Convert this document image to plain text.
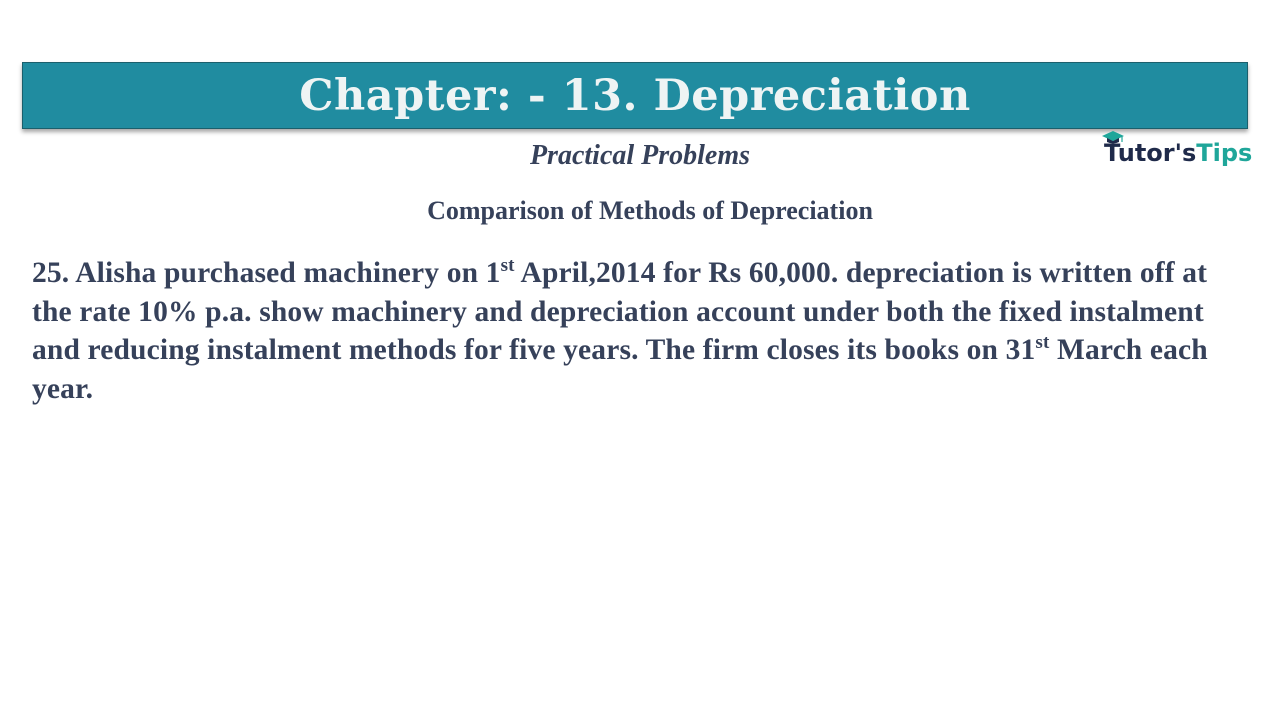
Chapter: - 13. Depreciation
Tutor'sTips
Practical Problems
Comparison of Methods of Depreciation
25. Alisha purchased machinery on 1st April,2014 for Rs 60,000. depreciation is written off at the rate 10% p.a. show machinery and depreciation account under both the fixed instalment and reducing instalment methods for five years. The firm closes its books on 31st March each year.
